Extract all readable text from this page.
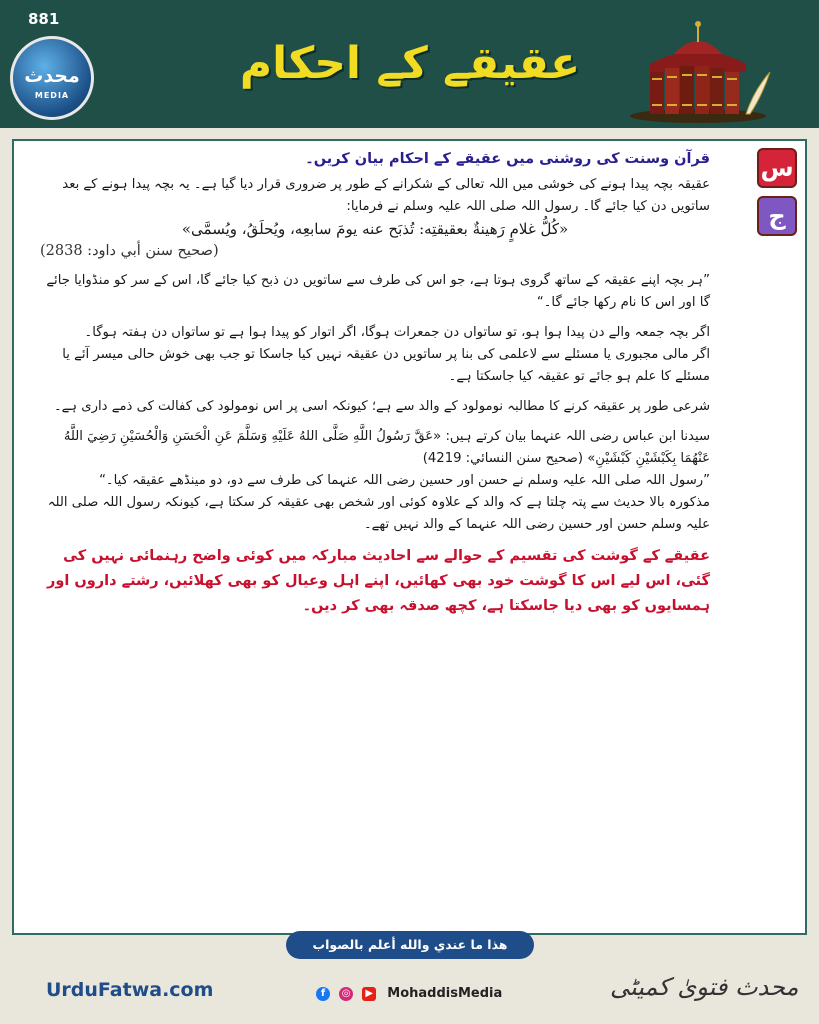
881
محدث
MEDIA
عقیقے کے احکام
س
ج

قرآن وسنت کی روشنی میں عقیقے کے احکام بیان کریں۔

عقیقہ بچہ پیدا ہونے کی خوشی میں اللہ تعالی کے شکرانے کے طور پر ضروری قرار دیا گیا ہے۔ یہ بچہ پیدا ہونے کے بعد ساتویں دن کیا جائے گا۔ رسول اللہ صلی اللہ علیہ وسلم نے فرمایا:

«كُلُّ غلامٍ رَهينةٌ بعقيقتِه: تُذبَح عنه يومَ سابعِه، ويُحلَقُ، ويُسمَّى»

(صحيح سنن أبي داود: 2838)

”ہر بچہ اپنے عقیقہ کے ساتھ گروی ہوتا ہے، جو اس کی طرف سے ساتویں دن ذبح کیا جائے گا، اس کے سر کو منڈوایا جائے گا اور اس کا نام رکھا جائے گا۔“

اگر بچہ جمعہ والے دن پیدا ہوا ہو، تو ساتواں دن جمعرات ہوگا، اگر اتوار کو پیدا ہوا ہے تو ساتواں دن ہفتہ ہوگا۔

اگر مالی مجبوری یا مسئلے سے لاعلمی کی بنا پر ساتویں دن عقیقہ نہیں کیا جاسکا تو جب بھی خوش حالی میسر آئے یا مسئلے کا علم ہو جائے تو عقیقہ کیا جاسکتا ہے۔

شرعی طور پر عقیقہ کرنے کا مطالبہ نومولود کے والد سے ہے؛ کیونکہ اسی پر اس نومولود کی کفالت کی ذمے داری ہے۔

سیدنا ابن عباس رضی اللہ عنہما بیان کرتے ہیں: «عَقَّ رَسُولُ اللَّهِ صَلَّى اللهُ عَلَيْهِ وَسَلَّمَ عَنِ الْحَسَنِ وَالْحُسَيْنِ رَضِيَ اللَّهُ عَنْهُمَا بِكَبْشَيْنِ كَبْشَيْنِ» (صحيح سنن النسائي: 4219)

”رسول اللہ صلی اللہ علیہ وسلم نے حسن اور حسین رضی اللہ عنہما کی طرف سے دو، دو مینڈھے عقیقہ کیا۔“

مذکورہ بالا حدیث سے پتہ چلتا ہے کہ والد کے علاوہ کوئی اور شخص بھی عقیقہ کر سکتا ہے، کیونکہ رسول اللہ صلی اللہ علیہ وسلم حسن اور حسین رضی اللہ عنہما کے والد نہیں تھے۔

عقیقے کے گوشت کی تقسیم کے حوالے سے احادیث مبارکہ میں کوئی واضح رہنمائی نہیں کی گئی، اس لیے اس کا گوشت خود بھی کھائیں، اپنے اہل وعیال کو بھی کھلائیں، رشتے داروں اور ہمسایوں کو بھی دیا جاسکتا ہے، کچھ صدقہ بھی کر دیں۔

هذا ما عندي والله أعلم بالصواب
UrduFatwa.com	f ◎ ▶ MohaddisMedia	محدث فتویٰ کمیٹی
